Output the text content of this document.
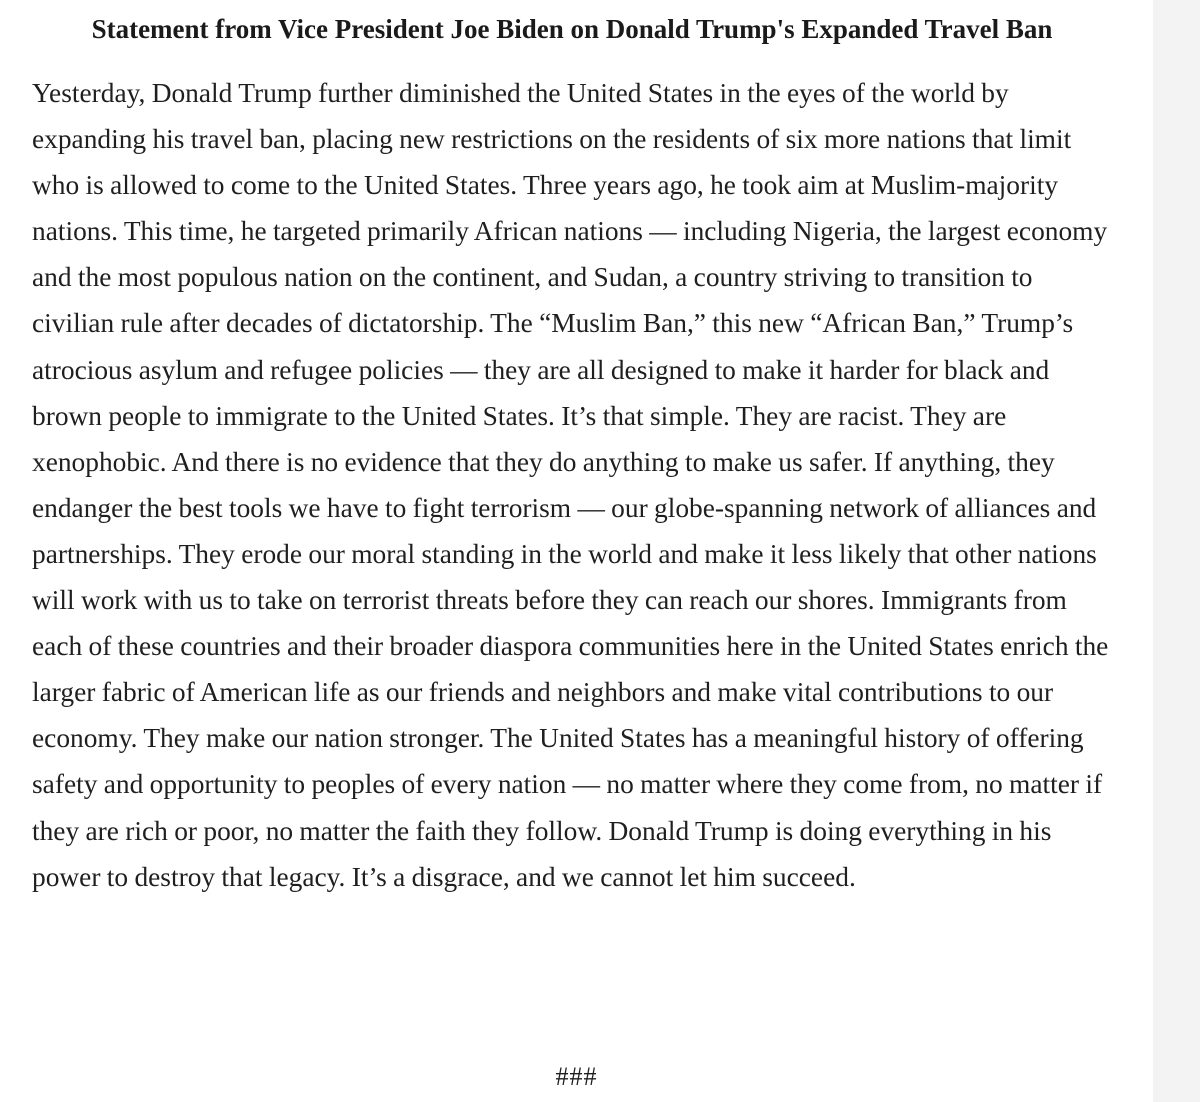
Statement from Vice President Joe Biden on Donald Trump's Expanded Travel Ban
Yesterday, Donald Trump further diminished the United States in the eyes of the world by expanding his travel ban, placing new restrictions on the residents of six more nations that limit who is allowed to come to the United States. Three years ago, he took aim at Muslim-majority nations. This time, he targeted primarily African nations — including Nigeria, the largest economy and the most populous nation on the continent, and Sudan, a country striving to transition to civilian rule after decades of dictatorship. The “Muslim Ban,” this new “African Ban,” Trump’s atrocious asylum and refugee policies — they are all designed to make it harder for black and brown people to immigrate to the United States. It’s that simple. They are racist. They are xenophobic. And there is no evidence that they do anything to make us safer. If anything, they endanger the best tools we have to fight terrorism — our globe-spanning network of alliances and partnerships. They erode our moral standing in the world and make it less likely that other nations will work with us to take on terrorist threats before they can reach our shores. Immigrants from each of these countries and their broader diaspora communities here in the United States enrich the larger fabric of American life as our friends and neighbors and make vital contributions to our economy. They make our nation stronger. The United States has a meaningful history of offering safety and opportunity to peoples of every nation — no matter where they come from, no matter if they are rich or poor, no matter the faith they follow. Donald Trump is doing everything in his power to destroy that legacy. It’s a disgrace, and we cannot let him succeed.
###
